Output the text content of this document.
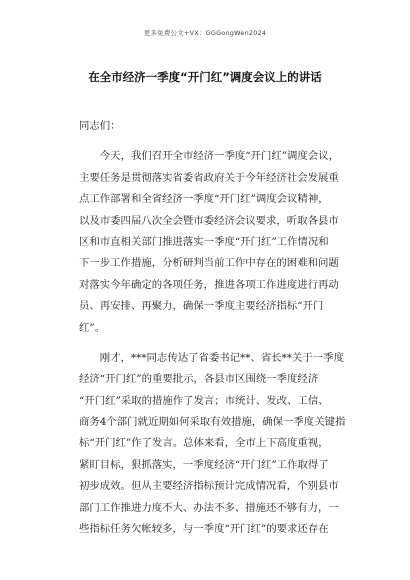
更多免费公文+VX：GGGongWen2024
在全市经济一季度“开门红”调度会议上的讲话
同志们：
　　今天，我们召开全市经济一季度“开门红”调度会议，
主要任务是贯彻落实省委省政府关于今年经济社会发展重
点工作部署和全省经济一季度“开门红”调度会议精神，
以及市委四届八次全会暨市委经济会议要求，听取各县市
区和市直相关部门推进落实一季度“开门红”工作情况和
下一步工作措施，分析研判当前工作中存在的困难和问题
对落实今年确定的各项任务，推进各项工作进度进行再动
员、再安排、再聚力，确保一季度主要经济指标“开门
红”。
　　刚才，***同志传达了省委书记**、省长**关于一季度
经济“开门红”的重要批示，各县市区围绕一季度经济
“开门红”采取的措施作了发言；市统计、发改、工信、
商务4个部门就近期如何采取有效措施，确保一季度关键指
标“开门红”作了发言。总体来看，全市上下高度重视，
紧盯目标，狠抓落实，一季度经济“开门红”工作取得了
初步成效。但从主要经济指标预计完成情况看，个别县市
部门工作推进力度不大、办法不多、措施还不够有力，一
些指标任务欠帐较多，与一季度“开门红”的要求还存在
